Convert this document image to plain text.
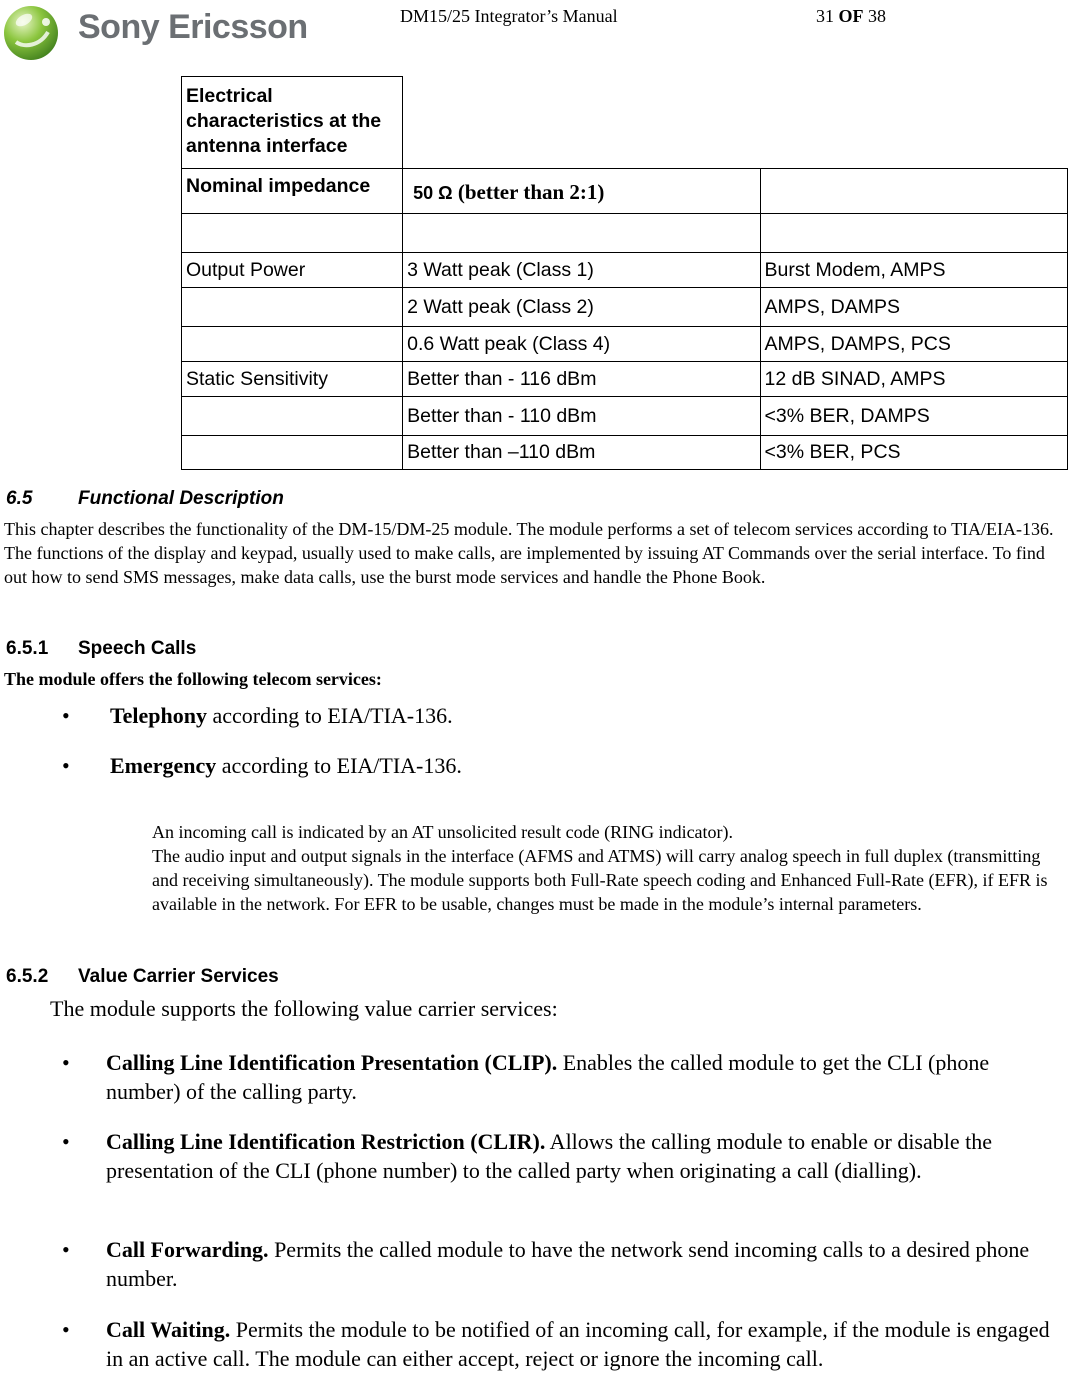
Sony Ericsson	DM15/25 Integrator’s Manual	31 OF 38
Electrical characteristics at the antenna interface		
Nominal impedance	50 Ω (better than 2:1)	

Output Power	3 Watt peak (Class 1)	Burst Modem, AMPS
	2 Watt peak (Class 2)	AMPS, DAMPS
	0.6 Watt peak (Class 4)	AMPS, DAMPS, PCS
Static Sensitivity	Better than - 116 dBm	12 dB SINAD, AMPS
	Better than - 110 dBm	<3% BER, DAMPS
	Better than –110 dBm	<3% BER, PCS
6.5 Functional Description

This chapter describes the functionality of the DM-15/DM-25 module. The module performs a set of telecom services according to TIA/EIA-136. The functions of the display and keypad, usually used to make calls, are implemented by issuing AT Commands over the serial interface. To find out how to send SMS messages, make data calls, use the burst mode services and handle the Phone Book.

6.5.1 Speech Calls
The module offers the following telecom services:
• Telephony according to EIA/TIA-136.
• Emergency according to EIA/TIA-136.

An incoming call is indicated by an AT unsolicited result code (RING indicator).

The audio input and output signals in the interface (AFMS and ATMS) will carry analog speech in full duplex (transmitting and receiving simultaneously). The module supports both Full-Rate speech coding and Enhanced Full-Rate (EFR), if EFR is available in the network. For EFR to be usable, changes must be made in the module’s internal parameters.

6.5.2 Value Carrier Services
The module supports the following value carrier services:
• Calling Line Identification Presentation (CLIP). Enables the called module to get the CLI (phone number) of the calling party.
• Calling Line Identification Restriction (CLIR). Allows the calling module to enable or disable the presentation of the CLI (phone number) to the called party when originating a call (dialling).
• Call Forwarding. Permits the called module to have the network send incoming calls to a desired phone number.
• Call Waiting. Permits the module to be notified of an incoming call, for example, if the module is engaged in an active call. The module can either accept, reject or ignore the incoming call.
